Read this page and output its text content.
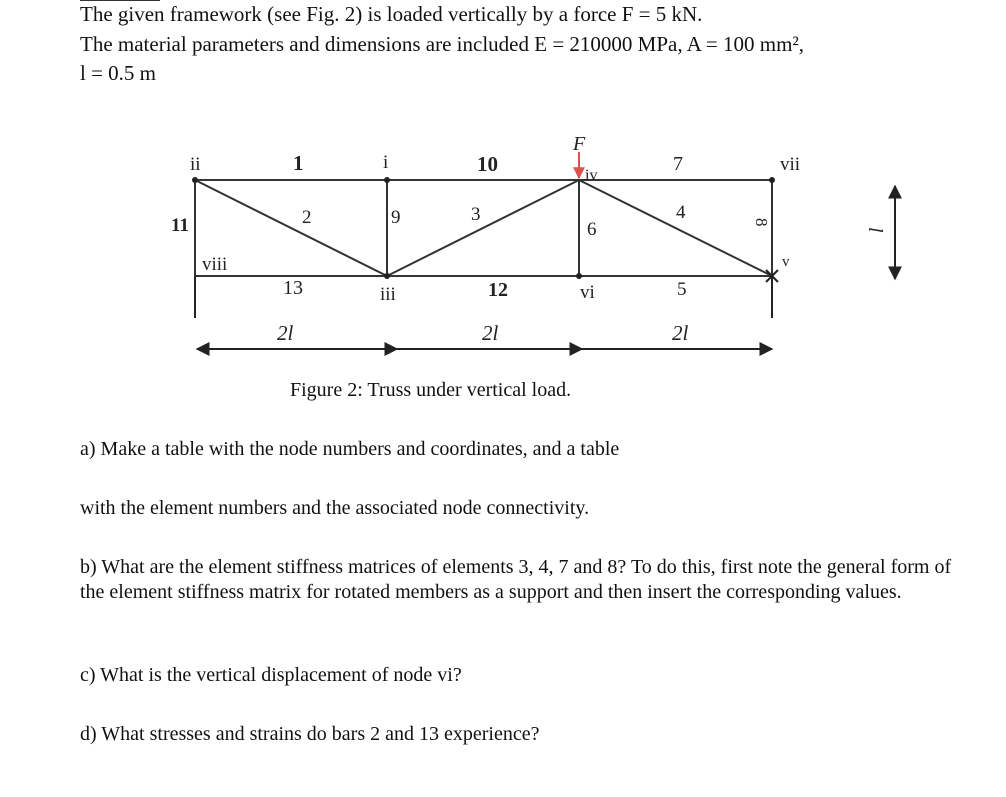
The given framework (see Fig. 2) is loaded vertically by a force F = 5 kN.
The material parameters and dimensions are included E = 210000 MPa, A = 100 mm²,
l = 0.5 m
F
ii	i
iv
vii
viii
iii	vi
v
1	10	7
2	9	3
6
4	8
11
13	12	5
2l	2l	2l
l
Figure 2: Truss under vertical load.
a) Make a table with the node numbers and coordinates, and a table
with the element numbers and the associated node connectivity.
b) What are the element stiffness matrices of elements 3, 4, 7 and 8? To do this, first note the general form of the element stiffness matrix for rotated members as a support and then insert the corresponding values.
c) What is the vertical displacement of node vi?
d) What stresses and strains do bars 2 and 13 experience?
